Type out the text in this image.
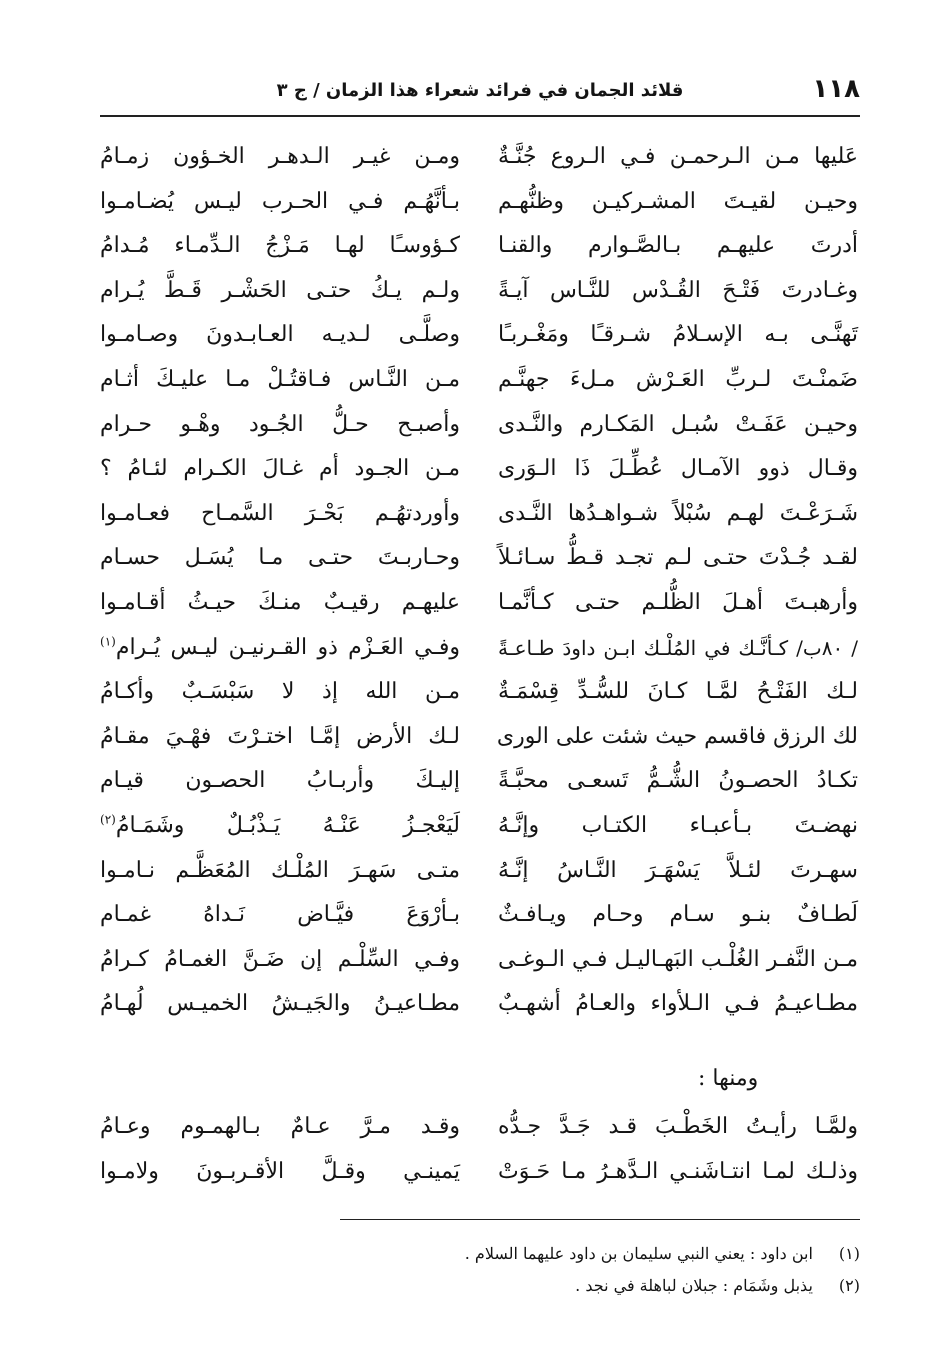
١١٨
قلائد الجمان في فرائد شعراء هذا الزمان / ج ٣
عَليها مـن الـرحمـن فـي الـروع جُنَّـةٌ
وحيـن لقيـتَ المشـركيـن وظنُّهـم
أدرتَ عليهـم بـالصَّـوارم والقنـا
وغـادرتَ فَتْـحَ القُـدْس للنَّـاس آيـةً
تَهنَّـى بـه الإسـلامُ شـرقـًا ومَغْـربـًا
ضَمنْـتَ لـربِّ العَـرْش مـلءَ جهنَّـم
وحيـن عَفَـتْ سُبـل المَكـارم والنَّـدى
وقـال ذوو الآمـال عُطِّـلَ ذَا الـوَرى
شَـرَعْـتَ لهـم سُبْلاً شـواهـدُها النَّـدى
لقـد جُـدْتَ حتـى لـم تجـد قـطُّ سـائـلاً
وأرهبـتَ أهـلَ الظُّلـم حتـى كـأنَّمـا
/ ٨٠ب/ كـأنَّـك في المُلْـك ابـن داودَ طـاعـةً
لـك الفَتْـحُ لمَّـا كـانَ للسُّـدِّ قِسْمَـةٌ
لك الرزق فاقسم حيث شئت على الورى
تكـادُ الحصـونُ الشُّـمُّ تَسعـى محبَّـةً
نهضـتَ بـأعبـاء الكتـاب وإنَّـهُ
سهـرتَ لئـلاَّ يَسْهَـرَ النَّـاسُ إنَّـهُ
لَطـافٌ بنـو سـام وحـام ويـافـثٌ
مـن النَّفـر الغُلْـب البَهـاليـل فـي الـوغـى
مطـاعيـمُ فـي الـلأواء والعـامُ أشهـبٌ
ومـن غيـر الـدهـر الخـؤون زمـامُ
بـأنَّهُـم فـي الحـرب ليـس يُضـامـوا
كـؤوسـًا لهـا مَـزْجُ الـدِّمـاء مُـدامُ
ولـم يـكُ حتـى الحَشْـر قَـطَّ يُـرام
وصلَّـى لـديـه العـابـدونَ وصـامـوا
مـن النَّـاس فـاقتُـلْ مـا عليـكَ أثـام
وأصبـح حـلُّ الجُـود وهْـو حـرام
مـن الجـود أم غـالَ الكـرام لئـامُ ؟
وأوردتهُـم بَحْـرَ السَّمـاح فعـامـوا
وحـاربـتَ حتـى مـا يُسَـل حسـام
عليهـم رقيـبٌ منـكَ حيـثُ أقـامـوا
وفـي العَـزْم ذو القـرنيـن ليـس يُـرام$^{(١)}$
مـن الله إذ لا سَبْسَـبٌ وأكـامُ
لـك الأرض إمَّـا اختـرْتَ فهْـيَ مقـامُ
إليـكَ وأربـابُ الحصـون قيـام
لَيَعْجـزُ عَنْـهُ يَـذْبُـلٌ وشَمَـامُ$^{(٢)}$
متـى سَهـرَ المُلْـك المُعَظَّـم نـامـوا
بـأرْوَعَ فيَّـاض نَـداهُ غمـام
وفـي السِّلْـم إن ضَـنَّ الغمـامُ كـرامُ
مطـاعيـنُ والجَيـشُ الخميـس لُهـامُ
ومنها :
ولمَّـا رأيـتُ الخَطْـبَ قـد جَـدَّ جـدُّه
وذلـك لمـا انتـاشَنـي الـدَّهـرُ مـا حَـوَتْ
وقـد مـرَّ عـامٌ بـالهمـوم وعـامُ
يَمينـي وقـلَّ الأقـربـونَ ولامـوا
(١) ابن داود : يعني النبي سليمان بن داود عليهما السلام .
(٢) يذبل وشَمَام : جبلان لباهلة في نجد .
